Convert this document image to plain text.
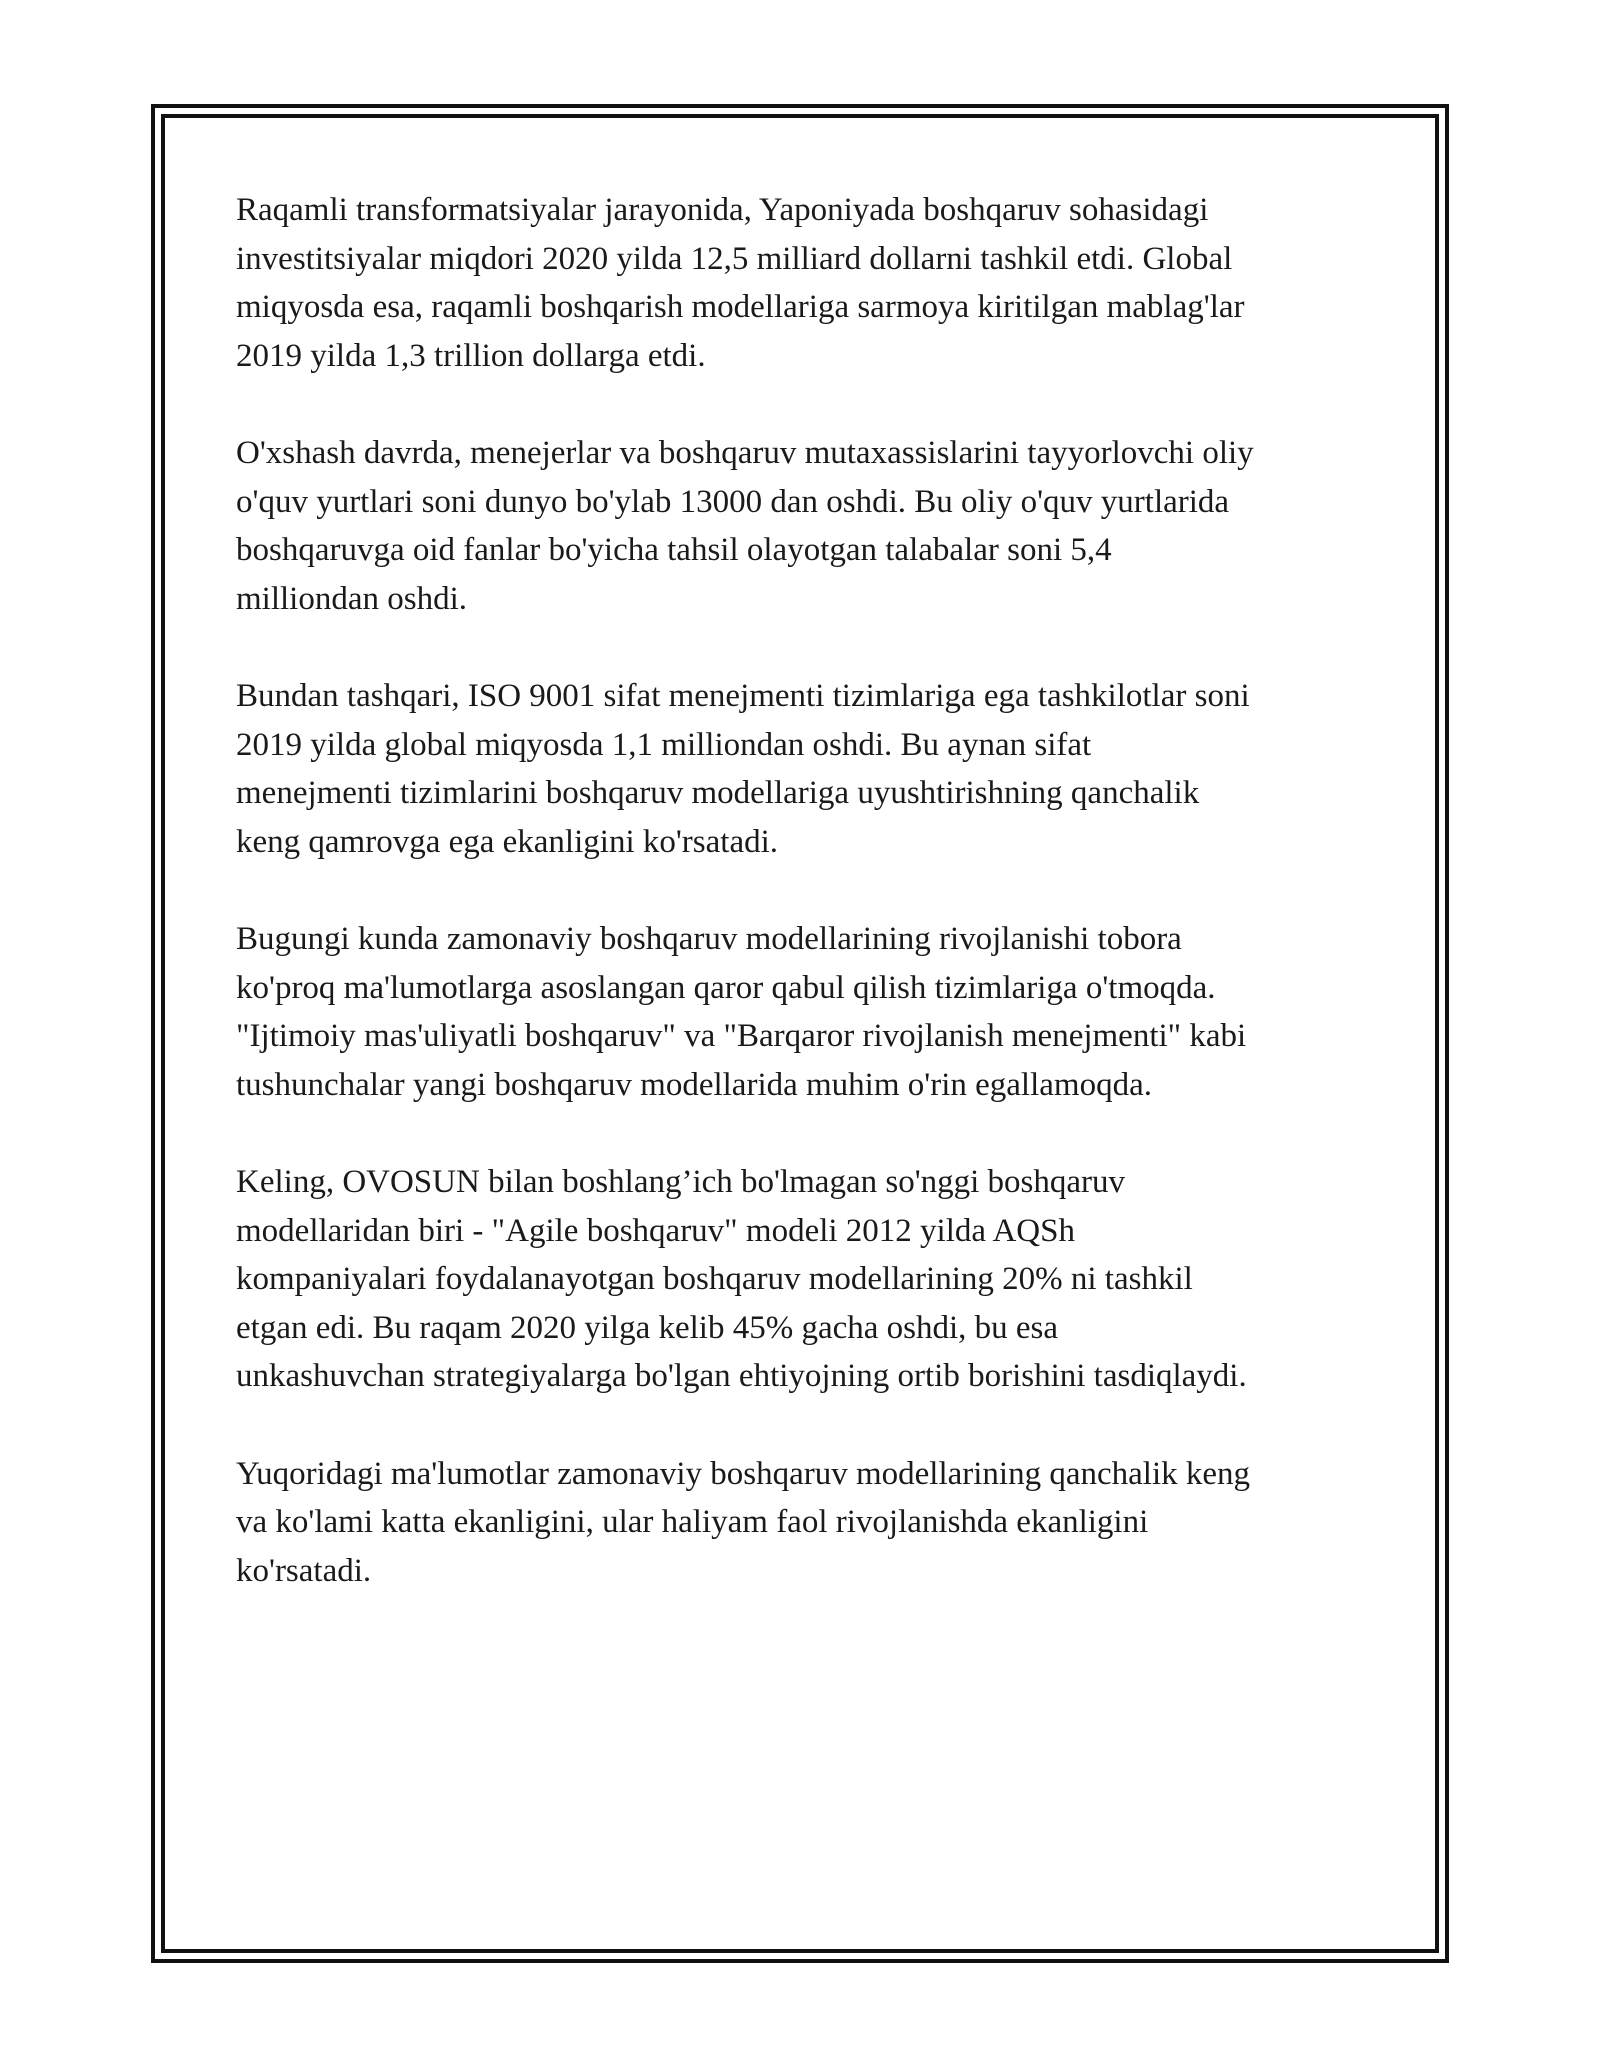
Raqamli transformatsiyalar jarayonida, Yaponiyada boshqaruv sohasidagi
investitsiyalar miqdori 2020 yilda 12,5 milliard dollarni tashkil etdi. Global
miqyosda esa, raqamli boshqarish modellariga sarmoya kiritilgan mablag'lar
2019 yilda 1,3 trillion dollarga etdi.

O'xshash davrda, menejerlar va boshqaruv mutaxassislarini tayyorlovchi oliy
o'quv yurtlari soni dunyo bo'ylab 13000 dan oshdi. Bu oliy o'quv yurtlarida
boshqaruvga oid fanlar bo'yicha tahsil olayotgan talabalar soni 5,4
milliondan oshdi.

Bundan tashqari, ISO 9001 sifat menejmenti tizimlariga ega tashkilotlar soni
2019 yilda global miqyosda 1,1 milliondan oshdi. Bu aynan sifat
menejmenti tizimlarini boshqaruv modellariga uyushtirishning qanchalik
keng qamrovga ega ekanligini ko'rsatadi.

Bugungi kunda zamonaviy boshqaruv modellarining rivojlanishi tobora
ko'proq ma'lumotlarga asoslangan qaror qabul qilish tizimlariga o'tmoqda.
"Ijtimoiy mas'uliyatli boshqaruv" va "Barqaror rivojlanish menejmenti" kabi
tushunchalar yangi boshqaruv modellarida muhim o'rin egallamoqda.

Keling, OVOSUN bilan boshlang’ich bo'lmagan so'nggi boshqaruv
modellaridan biri - "Agile boshqaruv" modeli 2012 yilda AQSh
kompaniyalari foydalanayotgan boshqaruv modellarining 20% ni tashkil
etgan edi. Bu raqam 2020 yilga kelib 45% gacha oshdi, bu esa
unkashuvchan strategiyalarga bo'lgan ehtiyojning ortib borishini tasdiqlaydi.

Yuqoridagi ma'lumotlar zamonaviy boshqaruv modellarining qanchalik keng
va ko'lami katta ekanligini, ular haliyam faol rivojlanishda ekanligini
ko'rsatadi.
